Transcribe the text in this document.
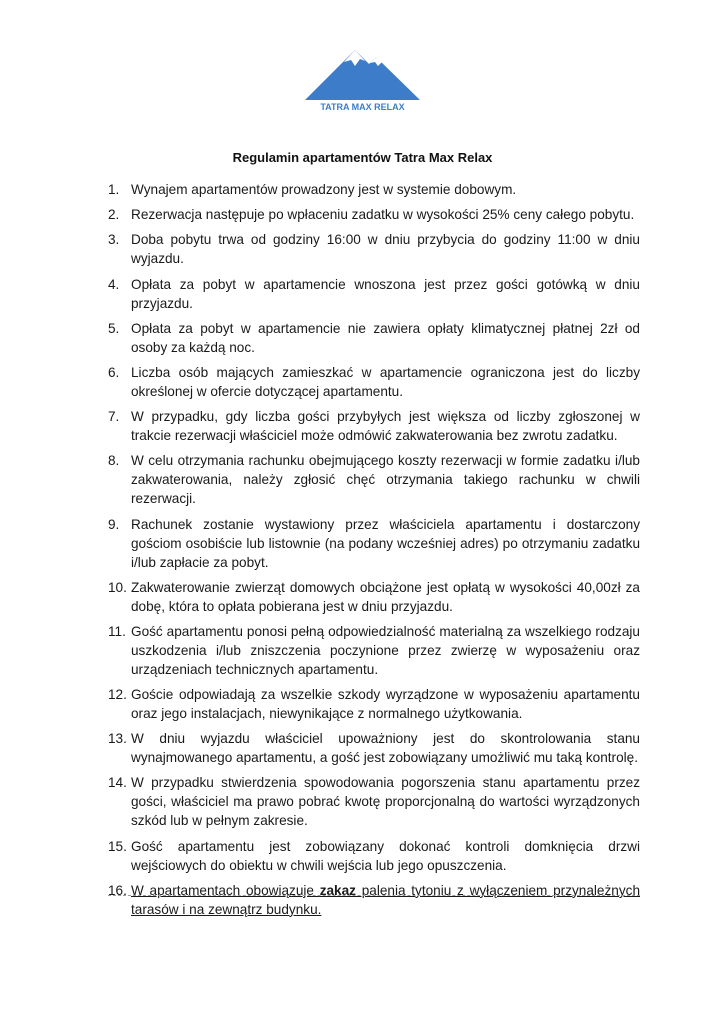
TATRA MAX RELAX
Regulamin apartamentów Tatra Max Relax
1. Wynajem apartamentów prowadzony jest w systemie dobowym.
2. Rezerwacja następuje po wpłaceniu zadatku w wysokości 25% ceny całego pobytu.
3. Doba pobytu trwa od godziny 16:00 w dniu przybycia do godziny 11:00 w dniu wyjazdu.
4. Opłata za pobyt w apartamencie wnoszona jest przez gości gotówką w dniu przyjazdu.
5. Opłata za pobyt w apartamencie nie zawiera opłaty klimatycznej płatnej 2zł od osoby za każdą noc.
6. Liczba osób mających zamieszkać w apartamencie ograniczona jest do liczby określonej w ofercie dotyczącej apartamentu.
7. W przypadku, gdy liczba gości przybyłych jest większa od liczby zgłoszonej w trakcie rezerwacji właściciel może odmówić zakwaterowania bez zwrotu zadatku.
8. W celu otrzymania rachunku obejmującego koszty rezerwacji w formie zadatku i/lub zakwaterowania, należy zgłosić chęć otrzymania takiego rachunku w chwili rezerwacji.
9. Rachunek zostanie wystawiony przez właściciela apartamentu i dostarczony gościom osobiście lub listownie (na podany wcześniej adres) po otrzymaniu zadatku i/lub zapłacie za pobyt.
10. Zakwaterowanie zwierząt domowych obciążone jest opłatą w wysokości 40,00zł za dobę, która to opłata pobierana jest w dniu przyjazdu.
11. Gość apartamentu ponosi pełną odpowiedzialność materialną za wszelkiego rodzaju uszkodzenia i/lub zniszczenia poczynione przez zwierzę w wyposażeniu oraz urządzeniach technicznych apartamentu.
12. Goście odpowiadają za wszelkie szkody wyrządzone w wyposażeniu apartamentu oraz jego instalacjach, niewynikające z normalnego użytkowania.
13. W dniu wyjazdu właściciel upoważniony jest do skontrolowania stanu wynajmowanego apartamentu, a gość jest zobowiązany umożliwić mu taką kontrolę.
14. W przypadku stwierdzenia spowodowania pogorszenia stanu apartamentu przez gości, właściciel ma prawo pobrać kwotę proporcjonalną do wartości wyrządzonych szkód lub w pełnym zakresie.
15. Gość apartamentu jest zobowiązany dokonać kontroli domknięcia drzwi wejściowych do obiektu w chwili wejścia lub jego opuszczenia.
16. W apartamentach obowiązuje zakaz palenia tytoniu z wyłączeniem przynależnych tarasów i na zewnątrz budynku.
